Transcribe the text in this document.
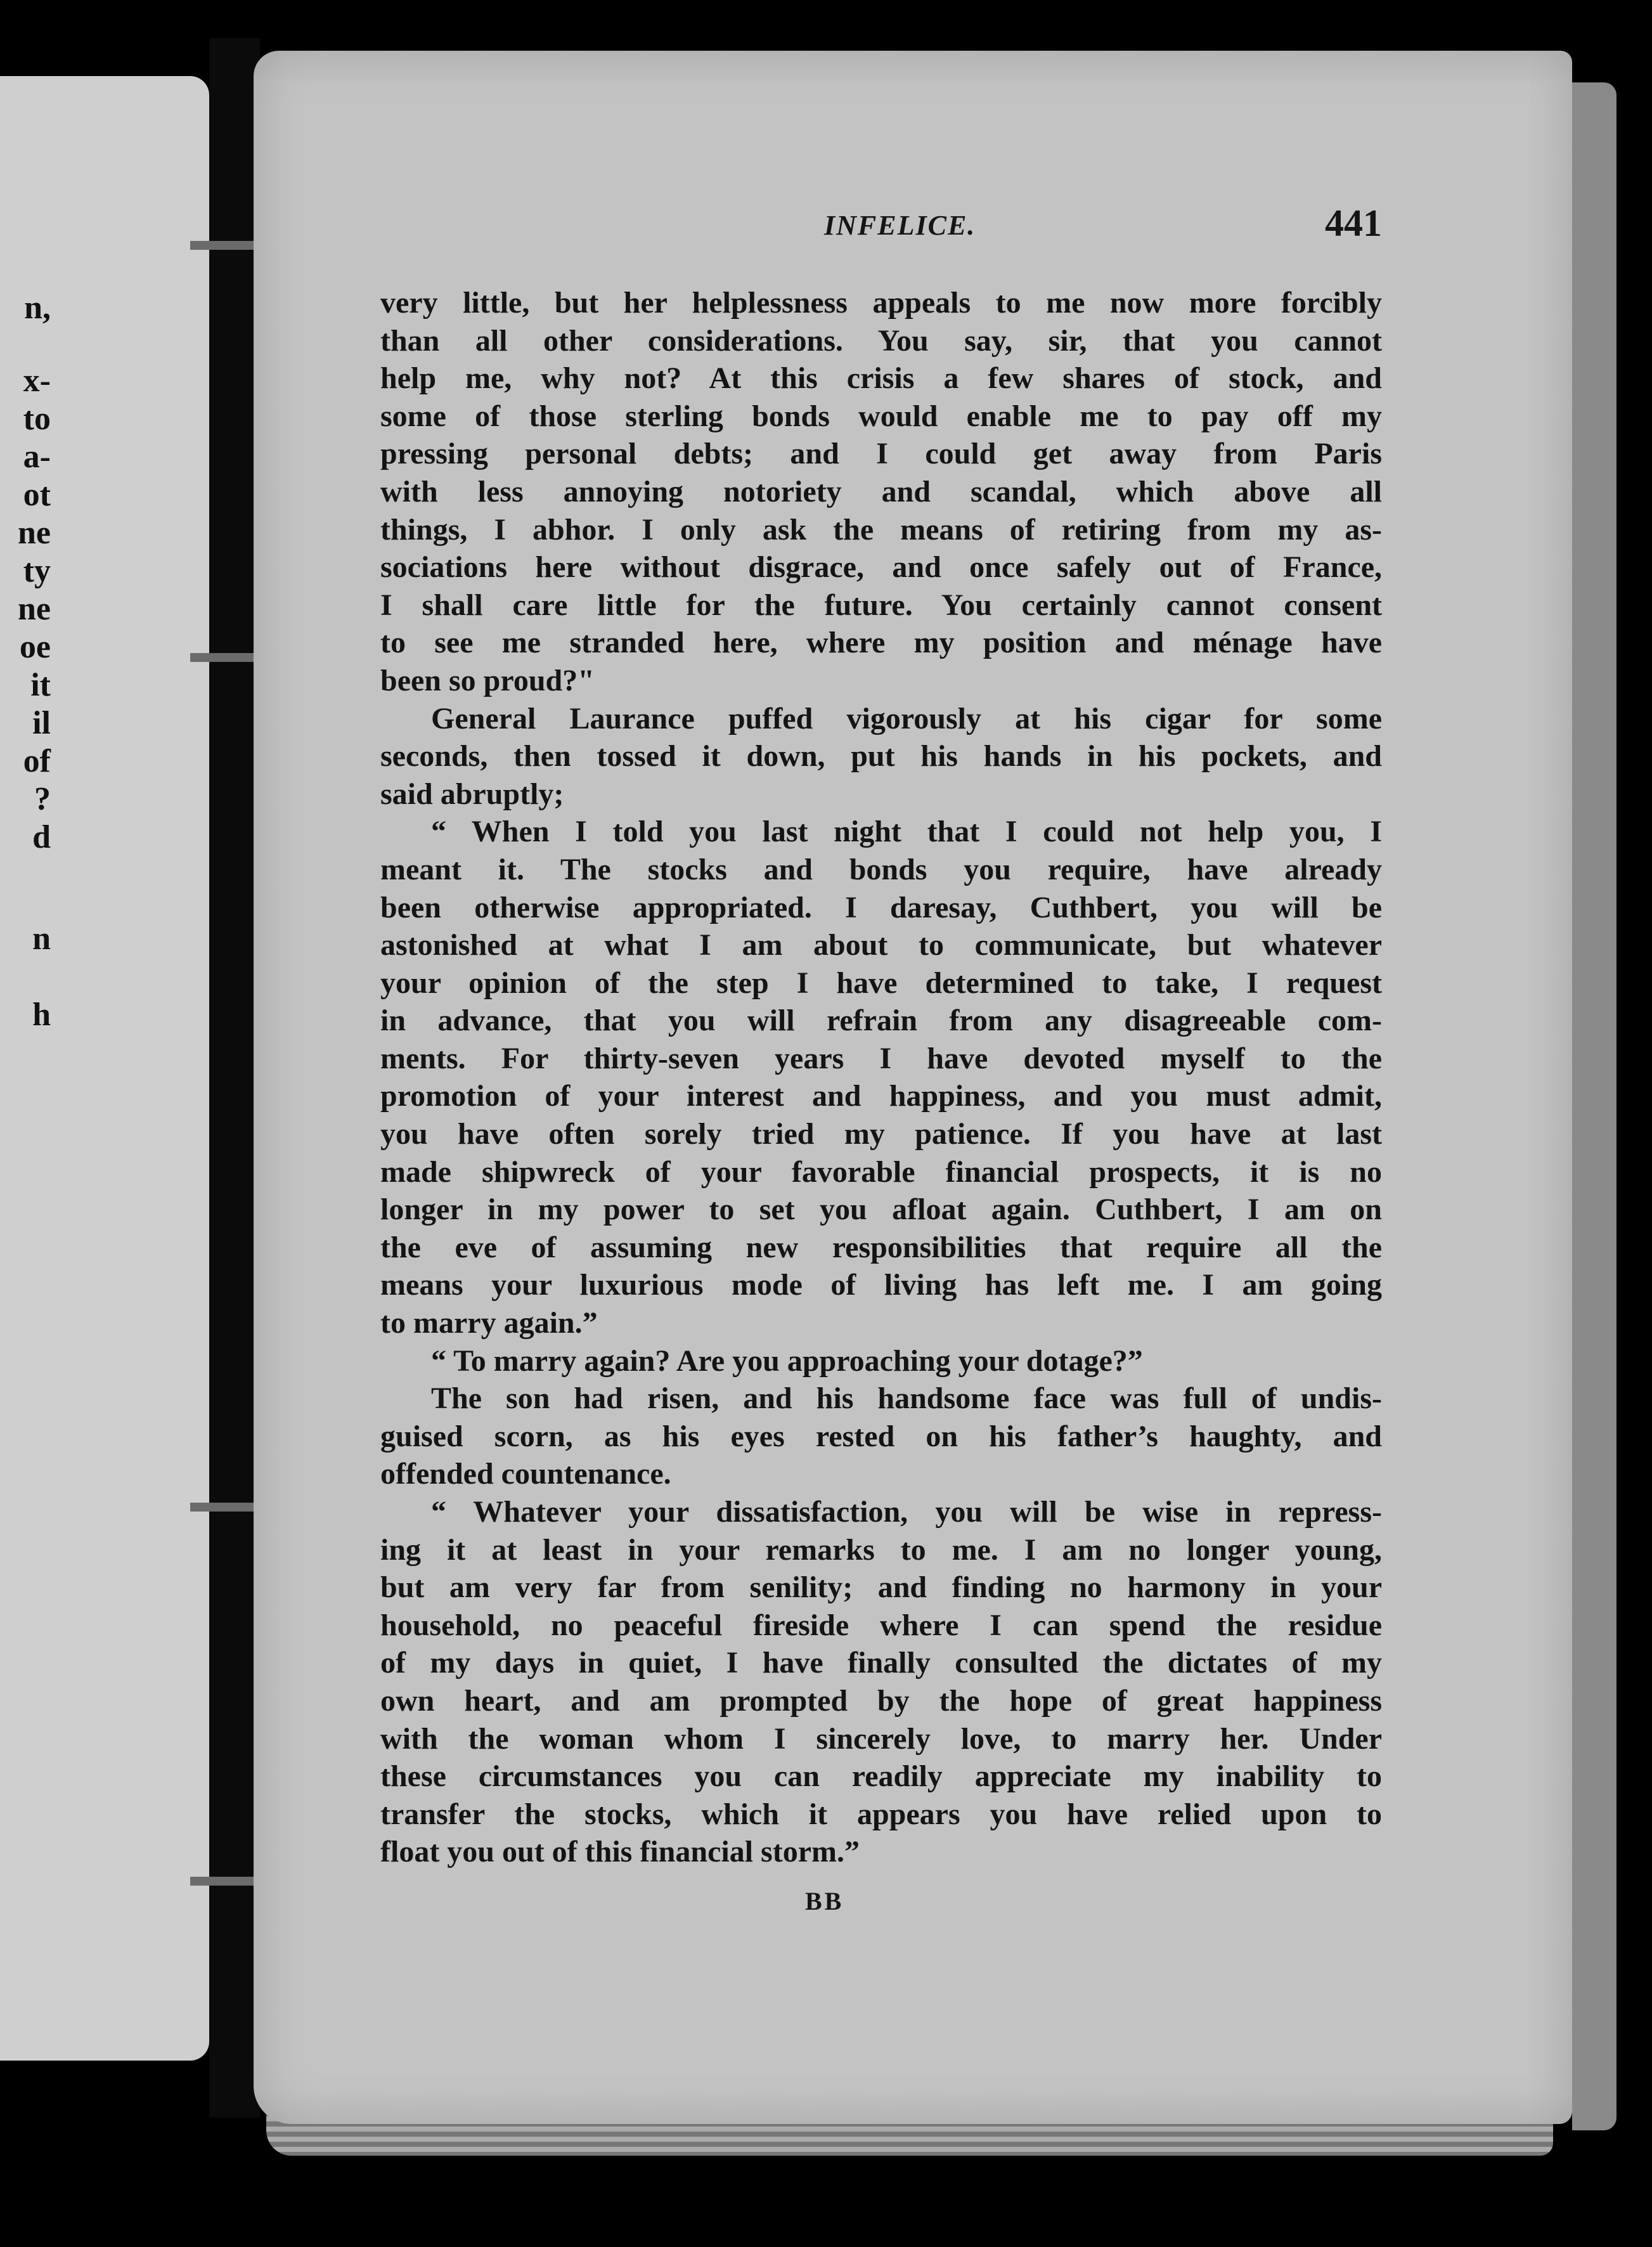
n,
x-
to
a-
ot
ne
ty
ne
oe
it
il
of
?
d
n
h
INFELICE.	441
very little, but her helplessness appeals to me now more forcibly
than all other considerations. You say, sir, that you cannot
help me, why not? At this crisis a few shares of stock, and
some of those sterling bonds would enable me to pay off my
pressing personal debts; and I could get away from Paris
with less annoying notoriety and scandal, which above all
things, I abhor. I only ask the means of retiring from my as-
sociations here without disgrace, and once safely out of France,
I shall care little for the future. You certainly cannot consent
to see me stranded here, where my position and ménage have
been so proud?"
General Laurance puffed vigorously at his cigar for some
seconds, then tossed it down, put his hands in his pockets, and
said abruptly;
“ When I told you last night that I could not help you, I
meant it. The stocks and bonds you require, have already
been otherwise appropriated. I daresay, Cuthbert, you will be
astonished at what I am about to communicate, but whatever
your opinion of the step I have determined to take, I request
in advance, that you will refrain from any disagreeable com-
ments. For thirty-seven years I have devoted myself to the
promotion of your interest and happiness, and you must admit,
you have often sorely tried my patience. If you have at last
made shipwreck of your favorable financial prospects, it is no
longer in my power to set you afloat again. Cuthbert, I am on
the eve of assuming new responsibilities that require all the
means your luxurious mode of living has left me. I am going
to marry again.”
“ To marry again? Are you approaching your dotage?”
The son had risen, and his handsome face was full of undis-
guised scorn, as his eyes rested on his father’s haughty, and
offended countenance.
“ Whatever your dissatisfaction, you will be wise in repress-
ing it at least in your remarks to me. I am no longer young,
but am very far from senility; and finding no harmony in your
household, no peaceful fireside where I can spend the residue
of my days in quiet, I have finally consulted the dictates of my
own heart, and am prompted by the hope of great happiness
with the woman whom I sincerely love, to marry her. Under
these circumstances you can readily appreciate my inability to
transfer the stocks, which it appears you have relied upon to
float you out of this financial storm.”
BB
